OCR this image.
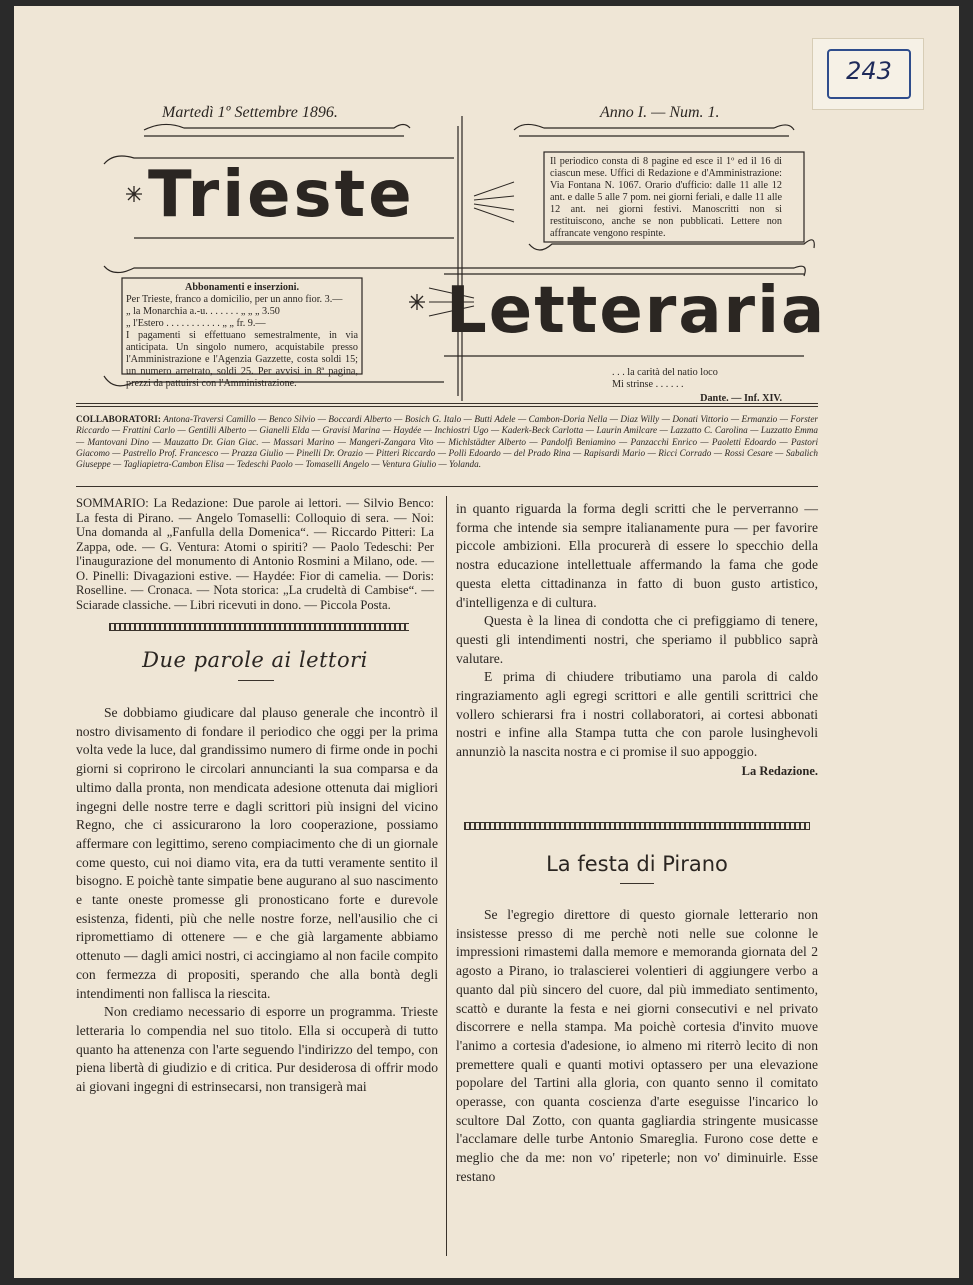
243
Martedì 1º Settembre 1896.	Anno I. — Num. 1.
Trieste
Letteraria
Il periodico consta di 8 pagine ed esce il 1º ed il 16 di ciascun mese. Uffici di Redazione e d'Amministrazione: Via Fontana N. 1067. Orario d'ufficio: dalle 11 alle 12 ant. e dalle 5 alle 7 pom. nei giorni feriali, e dalle 11 alle 12 ant. nei giorni festivi. Manoscritti non si restituiscono, anche se non pubblicati. Lettere non affrancate vengono respinte.
Abbonamenti e inserzioni.
Per Trieste, franco a domicilio, per un anno fior. 3.—
„ la Monarchia a.-u. . . . . . . „ „ „ 3.50
„ l'Estero . . . . . . . . . . . „ „ fr. 9.—
I pagamenti si effettuano semestralmente, in via anticipata. Un singolo numero, acquistabile presso l'Amministrazione e l'Agenzia Gazzette, costa soldi 15; un numero arretrato, soldi 25. Per avvisi in 8ª pagina, prezzi da pattuirsi con l'Amministrazione.
. . . la carità del natio loco
Mi strinse . . . . . .
Dante. — Inf. XIV.
COLLABORATORI: Antona-Traversi Camillo — Benco Silvio — Boccardi Alberto — Bosich G. Italo — Butti Adele — Cambon-Doria Nella — Diaz Willy — Donati Vittorio — Ermanzio — Forster Riccardo — Frattini Carlo — Gentilli Alberto — Gianelli Elda — Gravisi Marina — Haydée — Inchiostri Ugo — Kaderk-Beck Carlotta — Laurin Amilcare — Lazzatto C. Carolina — Luzzatto Emma — Mantovani Dino — Mauzatto Dr. Gian Giac. — Massari Marino — Mangeri-Zangara Vito — Michlstädter Alberto — Pandolfi Beniamino — Panzacchi Enrico — Paoletti Edoardo — Pastori Giacomo — Pastrello Prof. Francesco — Prazza Giulio — Pinelli Dr. Orazio — Pitteri Riccardo — Polli Edoardo — del Prado Rina — Rapisardi Mario — Ricci Corrado — Rossi Cesare — Sabalich Giuseppe — Tagliapietra-Cambon Elisa — Tedeschi Paolo — Tomaselli Angelo — Ventura Giulio — Yolanda.

SOMMARIO: La Redazione: Due parole ai lettori. — Silvio Benco: La festa di Pirano. — Angelo Tomaselli: Colloquio di sera. — Noi: Una domanda al „Fanfulla della Domenica“. — Riccardo Pitteri: La Zappa, ode. — G. Ventura: Atomi o spiriti? — Paolo Tedeschi: Per l'inaugurazione del monumento di Antonio Rosmini a Milano, ode. — O. Pinelli: Divagazioni estive. — Haydée: Fior di camelia. — Doris: Roselline. — Cronaca. — Nota storica: „La crudeltà di Cambise“. — Sciarade classiche. — Libri ricevuti in dono. — Piccola Posta.

Due parole ai lettori

Se dobbiamo giudicare dal plauso generale che incontrò il nostro divisamento di fondare il periodico che oggi per la prima volta vede la luce, dal grandissimo numero di firme onde in pochi giorni si coprirono le circolari annuncianti la sua comparsa e da ultimo dalla pronta, non mendicata adesione ottenuta dai migliori ingegni delle nostre terre e dagli scrittori più insigni del vicino Regno, che ci assicurarono la loro cooperazione, possiamo affermare con legittimo, sereno compiacimento che di un giornale come questo, cui noi diamo vita, era da tutti veramente sentito il bisogno. E poichè tante simpatie bene augurano al suo nascimento e tante oneste promesse gli pronosticano forte e durevole esistenza, fidenti, più che nelle nostre forze, nell'ausilio che ci ripromettiamo di ottenere — e che già largamente abbiamo ottenuto — dagli amici nostri, ci accingiamo al non facile compito con fermezza di propositi, sperando che alla bontà degli intendimenti non fallisca la riescita.

Non crediamo necessario di esporre un programma. Trieste letteraria lo compendia nel suo titolo. Ella si occuperà di tutto quanto ha attenenza con l'arte seguendo l'indirizzo del tempo, con piena libertà di giudizio e di critica. Pur desiderosa di offrir modo ai giovani ingegni di estrinsecarsi, non transigerà mai

in quanto riguarda la forma degli scritti che le perverranno — forma che intende sia sempre italianamente pura — per favorire piccole ambizioni. Ella procurerà di essere lo specchio della nostra educazione intellettuale affermando la fama che gode questa eletta cittadinanza in fatto di buon gusto artistico, d'intelligenza e di cultura.

Questa è la linea di condotta che ci prefiggiamo di tenere, questi gli intendimenti nostri, che speriamo il pubblico saprà valutare.

E prima di chiudere tributiamo una parola di caldo ringraziamento agli egregi scrittori e alle gentili scrittrici che vollero schierarsi fra i nostri collaboratori, ai cortesi abbonati nostri e infine alla Stampa tutta che con parole lusinghevoli annunziò la nascita nostra e ci promise il suo appoggio.

La Redazione.
La festa di Pirano

Se l'egregio direttore di questo giornale letterario non insistesse presso di me perchè noti nelle sue colonne le impressioni rimastemi dalla memore e memoranda giornata del 2 agosto a Pirano, io tralascierei volentieri di aggiungere verbo a quanto dal più sincero del cuore, dal più immediato sentimento, scattò e durante la festa e nei giorni consecutivi e nel privato discorrere e nella stampa. Ma poichè cortesia d'invito muove l'animo a cortesia d'adesione, io almeno mi riterrò lecito di non premettere quali e quanti motivi optassero per una elevazione popolare del Tartini alla gloria, con quanto senno il comitato operasse, con quanta coscienza d'arte eseguisse l'incarico lo scultore Dal Zotto, con quanta gagliardia stringente musicasse l'acclamare delle turbe Antonio Smareglia. Furono cose dette e meglio che da me: non vo' ripeterle; non vo' diminuirle. Esse restano
